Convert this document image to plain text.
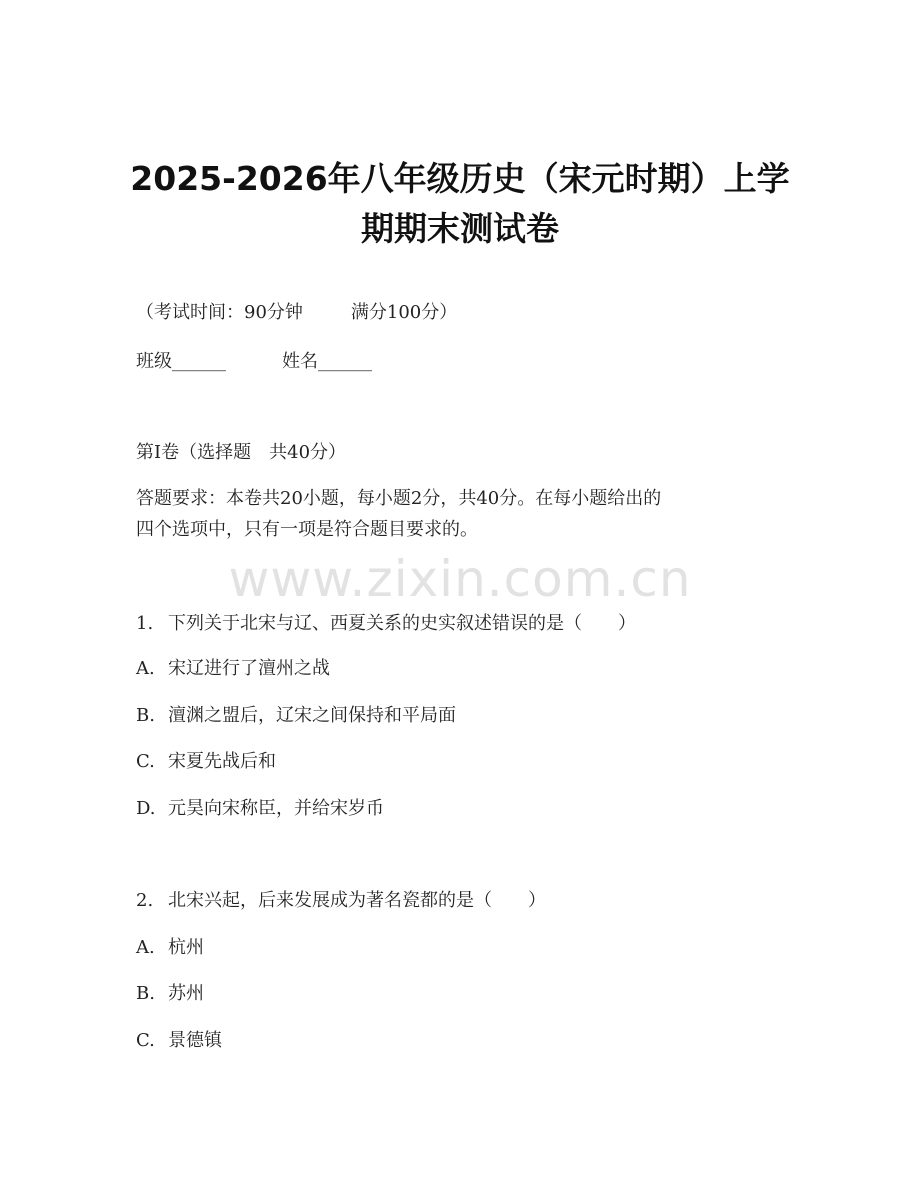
2025-2026年八年级历史（宋元时期）上学
期期末测试卷
（考试时间：90分钟	满分100分）
班级______	姓名______
第Ⅰ卷（选择题 共40分）
答题要求：本卷共20小题，每小题2分，共40分。在每小题给出的
四个选项中，只有一项是符合题目要求的。
www.zixin.com.cn
1. 下列关于北宋与辽、西夏关系的史实叙述错误的是（　　）
A. 宋辽进行了澶州之战
B. 澶渊之盟后，辽宋之间保持和平局面
C. 宋夏先战后和
D. 元昊向宋称臣，并给宋岁币
2. 北宋兴起，后来发展成为著名瓷都的是（　　）
A. 杭州
B. 苏州
C. 景德镇
